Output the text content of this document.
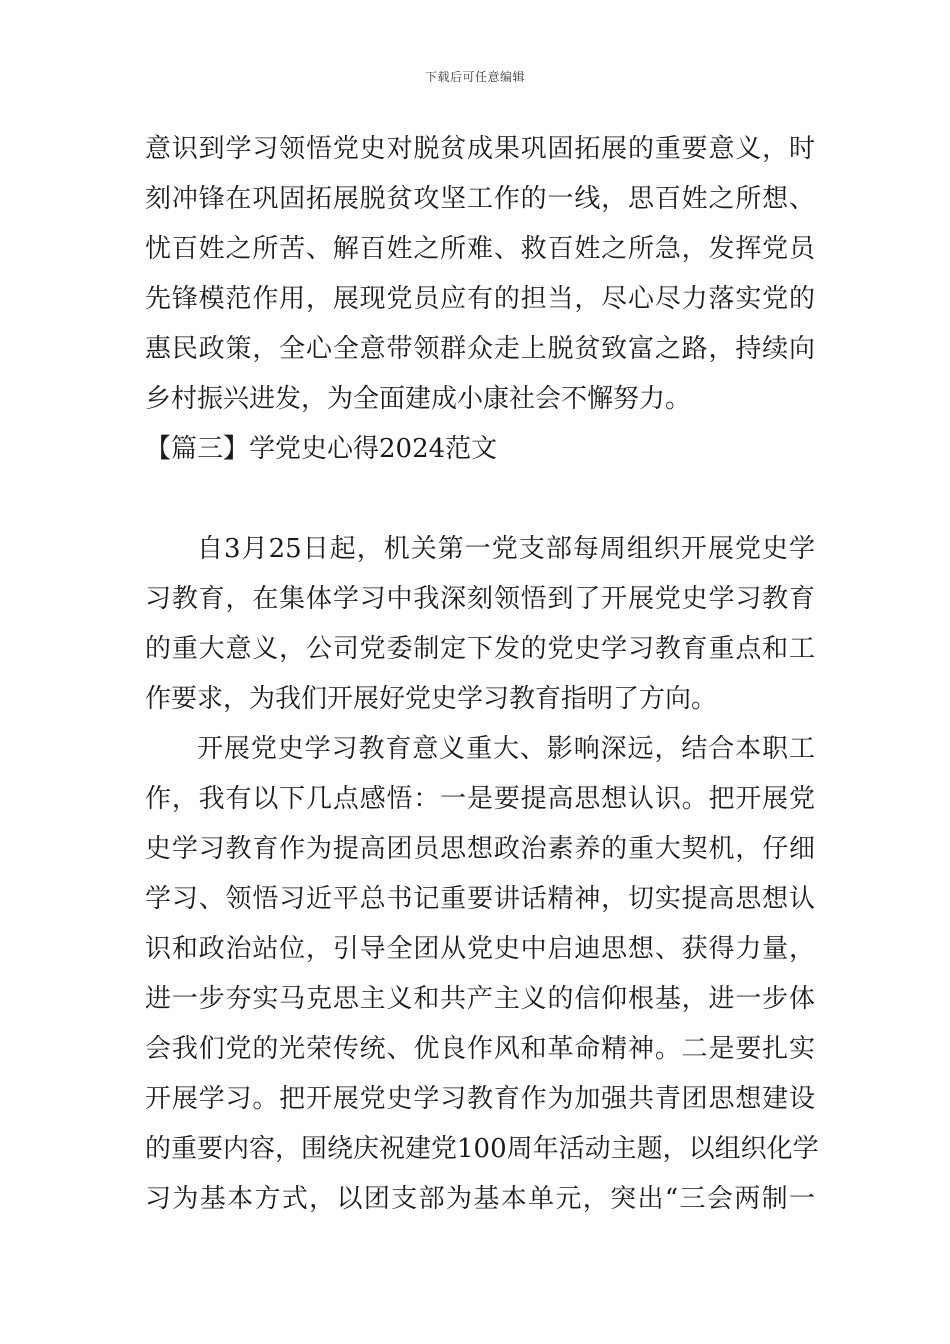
下载后可任意编辑
意识到学习领悟党史对脱贫成果巩固拓展的重要意义，时
刻冲锋在巩固拓展脱贫攻坚工作的一线，思百姓之所想、
忧百姓之所苦、解百姓之所难、救百姓之所急，发挥党员
先锋模范作用，展现党员应有的担当，尽心尽力落实党的
惠民政策，全心全意带领群众走上脱贫致富之路，持续向
乡村振兴进发，为全面建成小康社会不懈努力。
【篇三】学党史心得2024范文
自3月25日起，机关第一党支部每周组织开展党史学
习教育，在集体学习中我深刻领悟到了开展党史学习教育
的重大意义，公司党委制定下发的党史学习教育重点和工
作要求，为我们开展好党史学习教育指明了方向。
开展党史学习教育意义重大、影响深远，结合本职工
作，我有以下几点感悟：一是要提高思想认识。把开展党
史学习教育作为提高团员思想政治素养的重大契机，仔细
学习、领悟习近平总书记重要讲话精神，切实提高思想认
识和政治站位，引导全团从党史中启迪思想、获得力量，
进一步夯实马克思主义和共产主义的信仰根基，进一步体
会我们党的光荣传统、优良作风和革命精神。二是要扎实
开展学习。把开展党史学习教育作为加强共青团思想建设
的重要内容，围绕庆祝建党100周年活动主题，以组织化学
习为基本方式，以团支部为基本单元，突出“三会两制一
